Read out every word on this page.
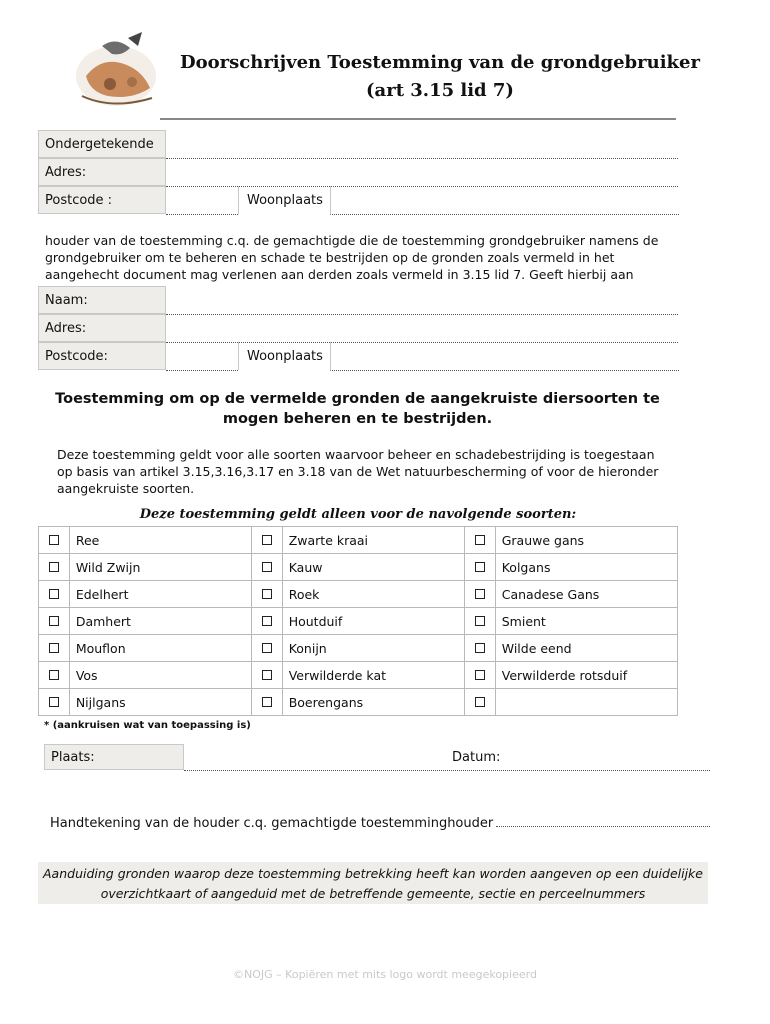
Doorschrijven Toestemming van de grondgebruiker
(art 3.15 lid 7)
Ondergetekende
Adres:
Postcode :	Woonplaats
houder van de toestemming c.q. de gemachtigde die de toestemming grondgebruiker namens de grondgebruiker om te beheren en schade te bestrijden op de gronden zoals vermeld in het aangehecht document mag verlenen aan derden zoals vermeld in 3.15 lid 7. Geeft hierbij aan
Naam:
Adres:
Postcode:	Woonplaats
Toestemming om op de vermelde gronden de aangekruiste diersoorten te mogen beheren en te bestrijden.
Deze toestemming geldt voor alle soorten waarvoor beheer en schadebestrijding is toegestaan op basis van artikel 3.15,3.16,3.17 en 3.18 van de Wet natuurbescherming of voor de hieronder aangekruiste soorten.
Deze toestemming geldt alleen voor de navolgende soorten:
	Ree		Zwarte kraai		Grauwe gans
	Wild Zwijn		Kauw		Kolgans
	Edelhert		Roek		Canadese Gans
	Damhert		Houtduif		Smient
	Mouflon		Konijn		Wilde eend
	Vos		Verwilderde kat		Verwilderde rotsduif
	Nijlgans		Boerengans		
* (aankruisen wat van toepassing is)
Plaats:	Datum:
Handtekening van de houder c.q. gemachtigde toestemminghouder
Aanduiding gronden waarop deze toestemming betrekking heeft kan worden aangeven op een duidelijke overzichtkaart of aangeduid met de betreffende gemeente, sectie en perceelnummers
©NOJG – Kopiëren met mits logo wordt meegekopieerd
